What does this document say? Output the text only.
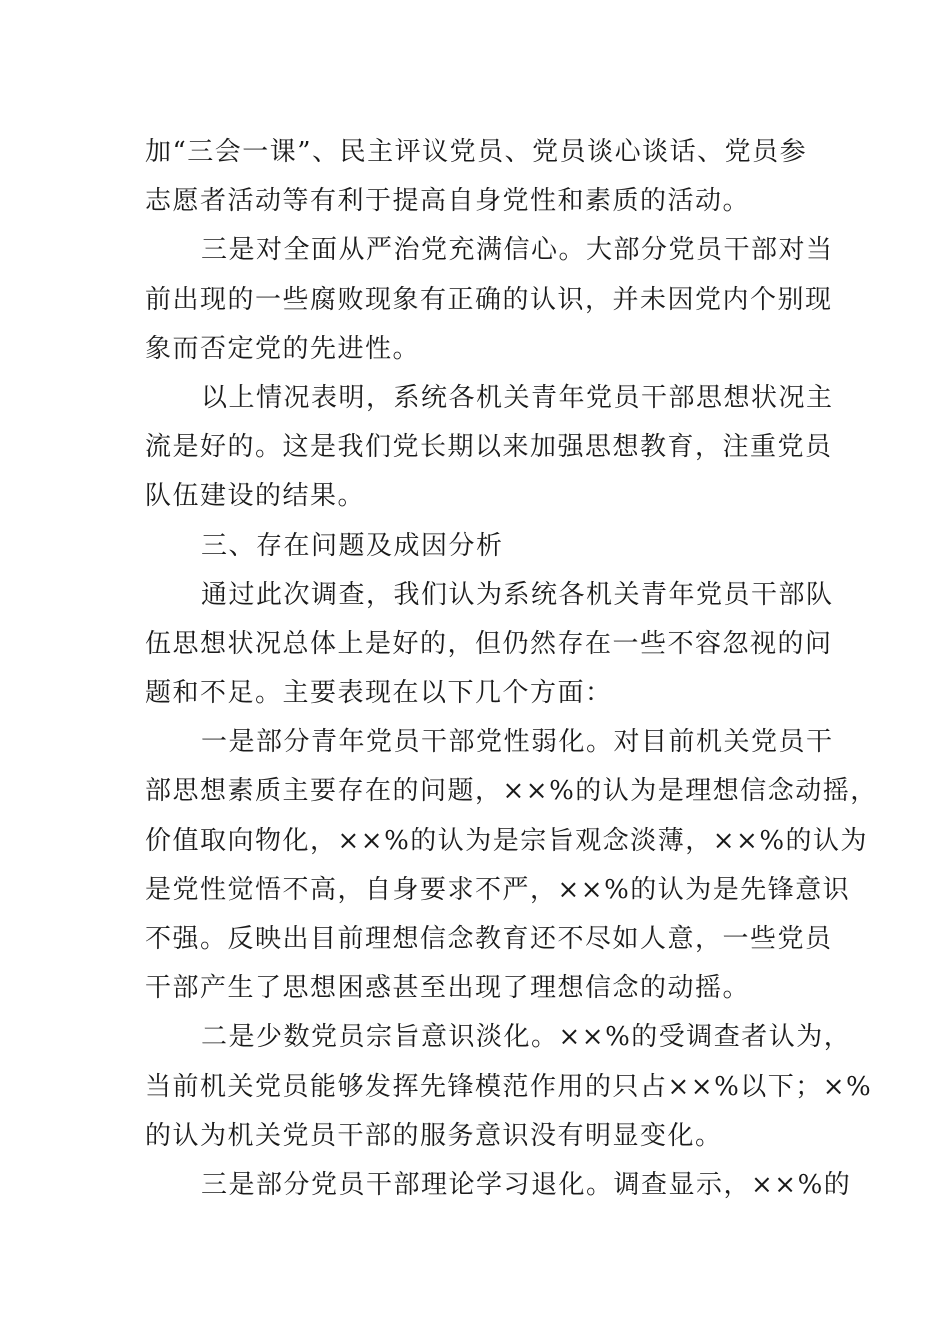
加“三会一课”、民主评议党员、党员谈心谈话、党员参
志愿者活动等有利于提高自身党性和素质的活动。
三是对全面从严治党充满信心。大部分党员干部对当
前出现的一些腐败现象有正确的认识，并未因党内个别现
象而否定党的先进性。
以上情况表明，系统各机关青年党员干部思想状况主
流是好的。这是我们党长期以来加强思想教育，注重党员
队伍建设的结果。
三、存在问题及成因分析
通过此次调查，我们认为系统各机关青年党员干部队
伍思想状况总体上是好的，但仍然存在一些不容忽视的问
题和不足。主要表现在以下几个方面：
一是部分青年党员干部党性弱化。对目前机关党员干
部思想素质主要存在的问题，××%的认为是理想信念动摇，
价值取向物化，××%的认为是宗旨观念淡薄，××%的认为
是党性觉悟不高，自身要求不严，××%的认为是先锋意识
不强。反映出目前理想信念教育还不尽如人意，一些党员
干部产生了思想困惑甚至出现了理想信念的动摇。
二是少数党员宗旨意识淡化。××%的受调查者认为，
当前机关党员能够发挥先锋模范作用的只占××%以下；×%
的认为机关党员干部的服务意识没有明显变化。
三是部分党员干部理论学习退化。调查显示，××%的
